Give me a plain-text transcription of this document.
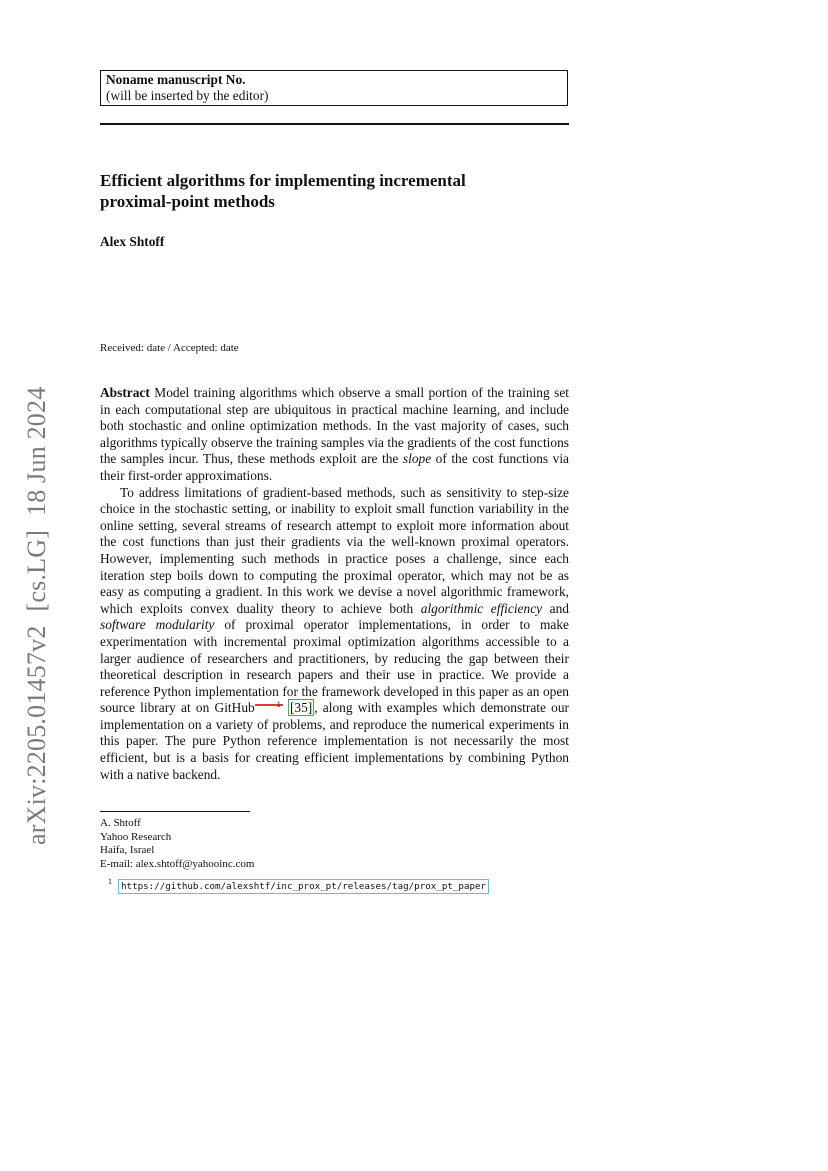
arXiv:2205.01457v2[cs.LG]18 Jun 2024
Noname manuscript No.
(will be inserted by the editor)
Efficient algorithms for implementing incremental
proximal-point methods
Alex Shtoff
Received: date / Accepted: date

Abstract Model training algorithms which observe a small portion of the training set in each computational step are ubiquitous in practical machine learning, and include both stochastic and online optimization methods. In the vast majority of cases, such algorithms typically observe the training samples via the gradients of the cost functions the samples incur. Thus, these methods exploit are the slope of the cost functions via their first-order approximations.

To address limitations of gradient-based methods, such as sensitivity to step-size choice in the stochastic setting, or inability to exploit small function variability in the online setting, several streams of research attempt to exploit more information about the cost functions than just their gradients via the well-known proximal operators. However, implementing such methods in practice poses a challenge, since each iteration step boils down to computing the proximal operator, which may not be as easy as computing a gradient. In this work we devise a novel algorithmic framework, which exploits convex duality theory to achieve both algorithmic efficiency and software modularity of proximal operator implementations, in order to make experimentation with incremental proximal optimization algorithms accessible to a larger audience of researchers and practitioners, by reducing the gap between their theoretical description in research papers and their use in practice. We provide a reference Python implementation for the framework developed in this paper as an open source library at on GitHub	1 [35] , along with examples which demonstrate our implementation on a variety of problems, and reproduce the numerical experiments in this paper. The pure Python reference implementation is not necessarily the most efficient, but is a basis for creating efficient implementations by combining Python with a native backend.

A. Shtoff
Yahoo Research
Haifa, Israel
E-mail: alex.shtoff@yahooinc.com
$^1$ https://github.com/alexshtf/inc_prox_pt/releases/tag/prox_pt_paper
